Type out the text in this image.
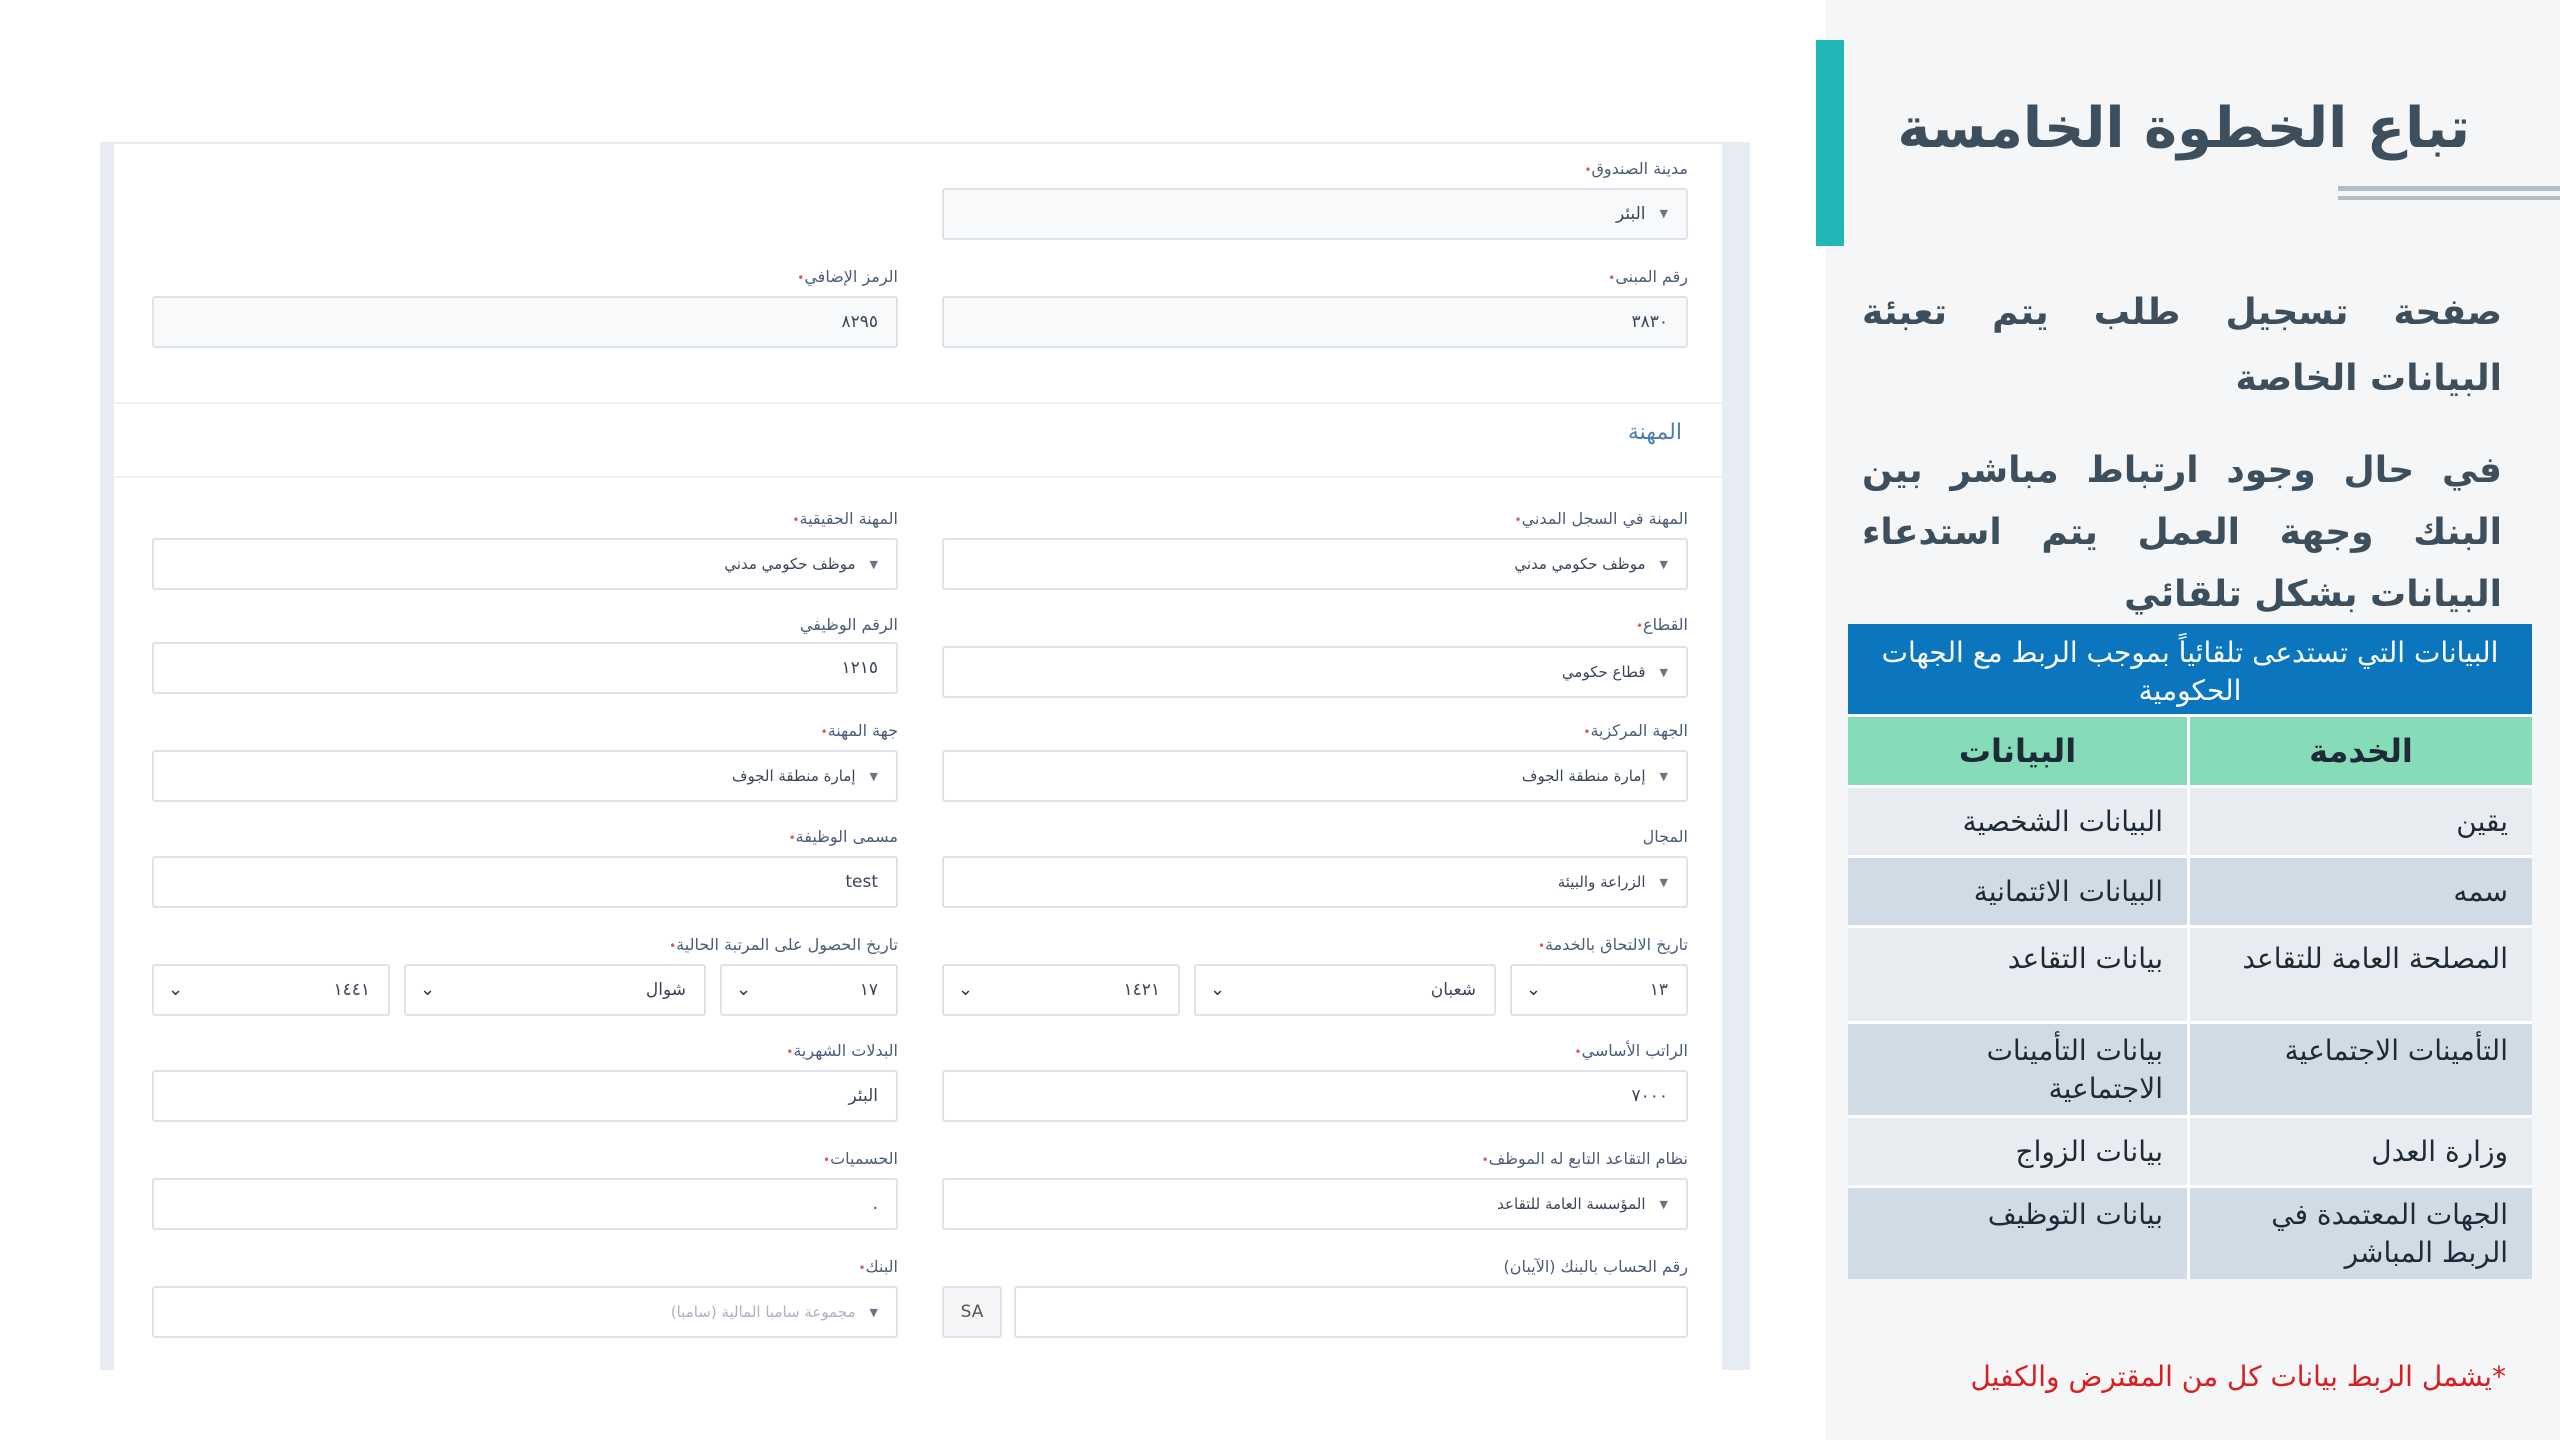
مدينة الصندوق•
▼البئر
رقم المبنى•
٣٨٣٠
الرمز الإضافي•
٨٢٩٥
المهنة
المهنة في السجل المدني•
▼موظف حكومي مدني
المهنة الحقيقية•
▼موظف حكومي مدني
القطاع•
▼قطاع حكومي
الرقم الوظيفي
١٢١٥
الجهة المركزية•
▼إمارة منطقة الجوف
جهة المهنة•
▼إمارة منطقة الجوف
المجال
▼الزراعة والبيئة
مسمى الوظيفة•
test
تاريخ الالتحاق بالخدمة•
١٣
⌄
شعبان
⌄
١٤٢١
⌄
تاريخ الحصول على المرتبة الحالية•
١٧
⌄
شوال
⌄
١٤٤١
⌄
الراتب الأساسي•
٧٠٠٠
البدلات الشهرية•
البئر
نظام التقاعد التابع له الموظف•
▼المؤسسة العامة للتقاعد
الحسميات•
.
رقم الحساب بالبنك (الآيبان)
SA
البنك•
▼مجموعة سامبا المالية (سامبا)
تباع الخطوة الخامسة
صفحة تسجيل طلب يتم تعبئة البيانات الخاصة
في حال وجود ارتباط مباشر بين البنك وجهة العمل يتم استدعاء البيانات بشكل تلقائي
البيانات التي تستدعى تلقائياً بموجب الربط مع الجهات الحكومية
الخدمة
البيانات
يقين
البيانات الشخصية
سمه
البيانات الائتمانية
المصلحة العامة للتقاعد
بيانات التقاعد
التأمينات الاجتماعية
بيانات التأمينات الاجتماعية
وزارة العدل
بيانات الزواج
الجهات المعتمدة في الربط المباشر
بيانات التوظيف
*يشمل الربط بيانات كل من المقترض والكفيل
